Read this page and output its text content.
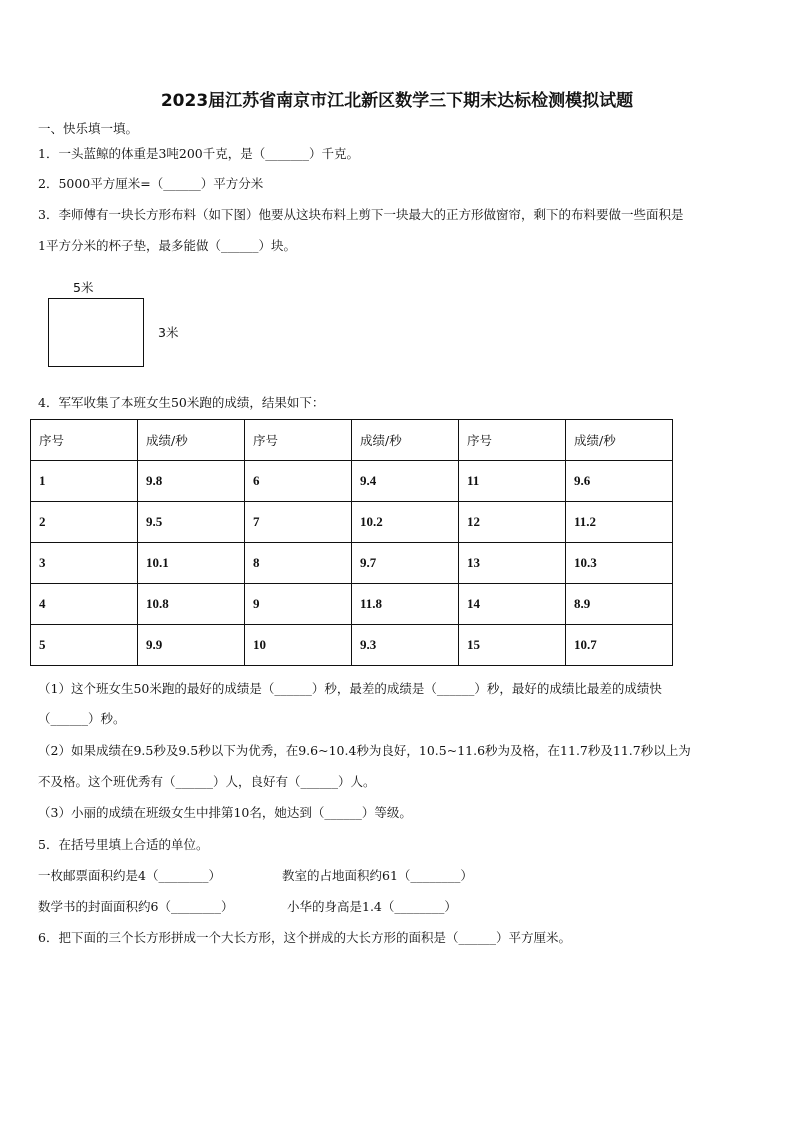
2023届江苏省南京市江北新区数学三下期末达标检测模拟试题
一、快乐填一填。
1．一头蓝鲸的体重是3吨200千克，是（_______）千克。
2．5000平方厘米=（______）平方分米
3．李师傅有一块长方形布料（如下图）他要从这块布料上剪下一块最大的正方形做窗帘，剩下的布料要做一些面积是
1平方分米的杯子垫，最多能做（______）块。
5米
3米
4．军军收集了本班女生50米跑的成绩，结果如下：
序号	成绩/秒	序号	成绩/秒	序号	成绩/秒
1	9.8	6	9.4	11	9.6
2	9.5	7	10.2	12	11.2
3	10.1	8	9.7	13	10.3
4	10.8	9	11.8	14	8.9
5	9.9	10	9.3	15	10.7
（1）这个班女生50米跑的最好的成绩是（______）秒，最差的成绩是（______）秒，最好的成绩比最差的成绩快
（______）秒。
（2）如果成绩在9.5秒及9.5秒以下为优秀，在9.6~10.4秒为良好，10.5~11.6秒为及格，在11.7秒及11.7秒以上为
不及格。这个班优秀有（______）人，良好有（______）人。
（3）小丽的成绩在班级女生中排第10名，她达到（______）等级。
5．在括号里填上合适的单位。
一枚邮票面积约是4（________）	教室的占地面积约61（________）
数学书的封面面积约6（________）	小华的身高是1.4（________）
6．把下面的三个长方形拼成一个大长方形，这个拼成的大长方形的面积是（______）平方厘米。
